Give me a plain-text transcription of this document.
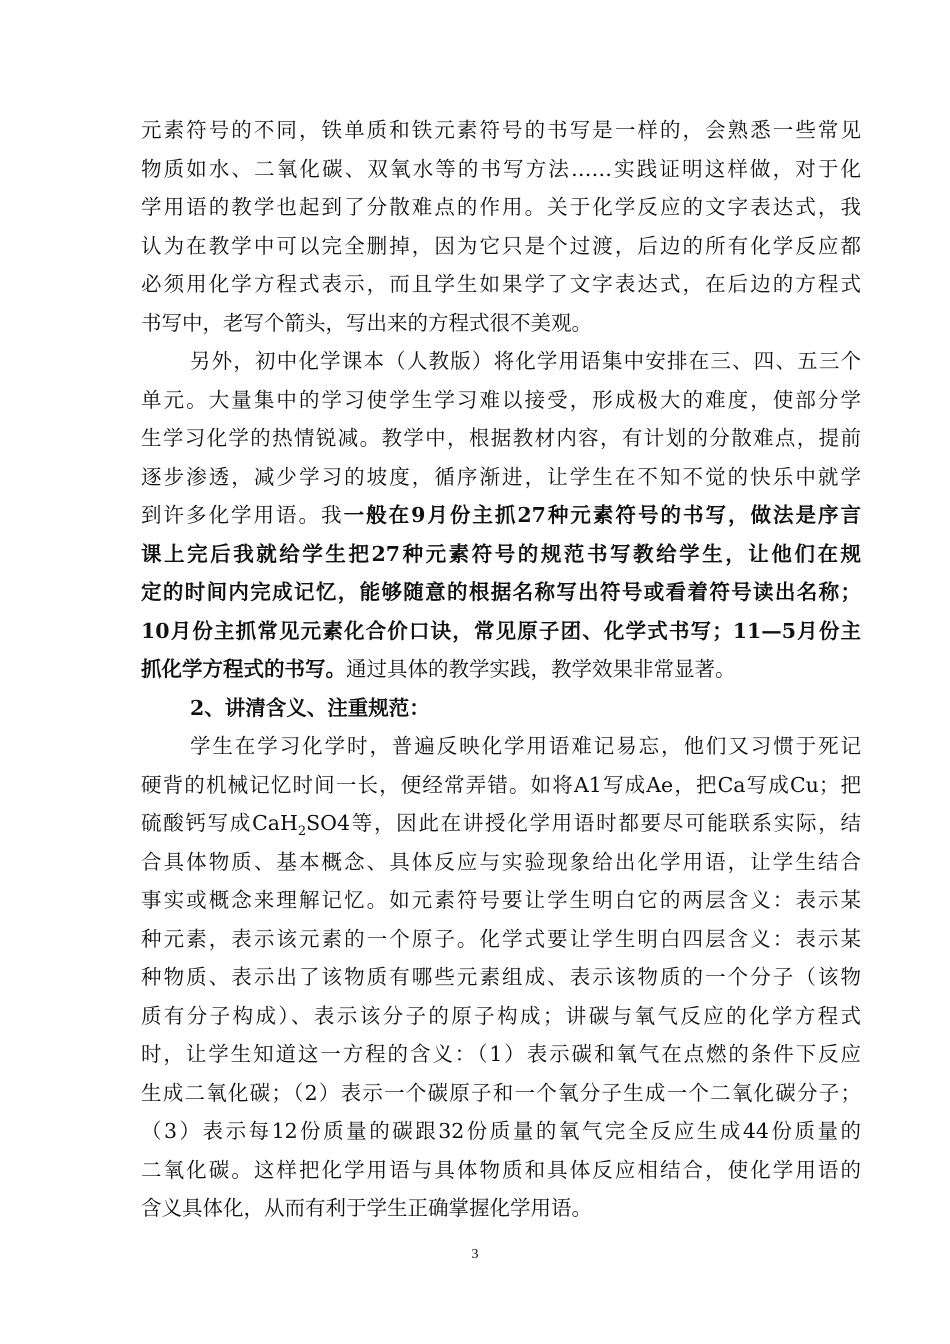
元素符号的不同，铁单质和铁元素符号的书写是一样的，会熟悉一些常见
物质如水、二氧化碳、双氧水等的书写方法……实践证明这样做，对于化
学用语的教学也起到了分散难点的作用。关于化学反应的文字表达式，我
认为在教学中可以完全删掉，因为它只是个过渡，后边的所有化学反应都
必须用化学方程式表示，而且学生如果学了文字表达式，在后边的方程式
书写中，老写个箭头，写出来的方程式很不美观。
另外，初中化学课本（人教版）将化学用语集中安排在三、四、五三个
单元。大量集中的学习使学生学习难以接受，形成极大的难度，使部分学
生学习化学的热情锐减。教学中，根据教材内容，有计划的分散难点，提前
逐步渗透，减少学习的坡度，循序渐进，让学生在不知不觉的快乐中就学
到许多化学用语。我一般在9月份主抓27种元素符号的书写，做法是序言
课上完后我就给学生把27种元素符号的规范书写教给学生，让他们在规
定的时间内完成记忆，能够随意的根据名称写出符号或看着符号读出名称；
10月份主抓常见元素化合价口诀，常见原子团、化学式书写；11—5月份主
抓化学方程式的书写。通过具体的教学实践，教学效果非常显著。
2、讲清含义、注重规范：
学生在学习化学时，普遍反映化学用语难记易忘，他们又习惯于死记
硬背的机械记忆时间一长，便经常弄错。如将A1写成Ae，把Ca写成Cu；把
硫酸钙写成CaH$_2$SO4等，因此在讲授化学用语时都要尽可能联系实际，结
合具体物质、基本概念、具体反应与实验现象给出化学用语，让学生结合
事实或概念来理解记忆。如元素符号要让学生明白它的两层含义：表示某
种元素，表示该元素的一个原子。化学式要让学生明白四层含义：表示某
种物质、表示出了该物质有哪些元素组成、表示该物质的一个分子（该物
质有分子构成）、表示该分子的原子构成；讲碳与氧气反应的化学方程式
时，让学生知道这一方程的含义：（1）表示碳和氧气在点燃的条件下反应
生成二氧化碳；（2）表示一个碳原子和一个氧分子生成一个二氧化碳分子；
（3）表示每12份质量的碳跟32份质量的氧气完全反应生成44份质量的
二氧化碳。这样把化学用语与具体物质和具体反应相结合，使化学用语的
含义具体化，从而有利于学生正确掌握化学用语。
3
